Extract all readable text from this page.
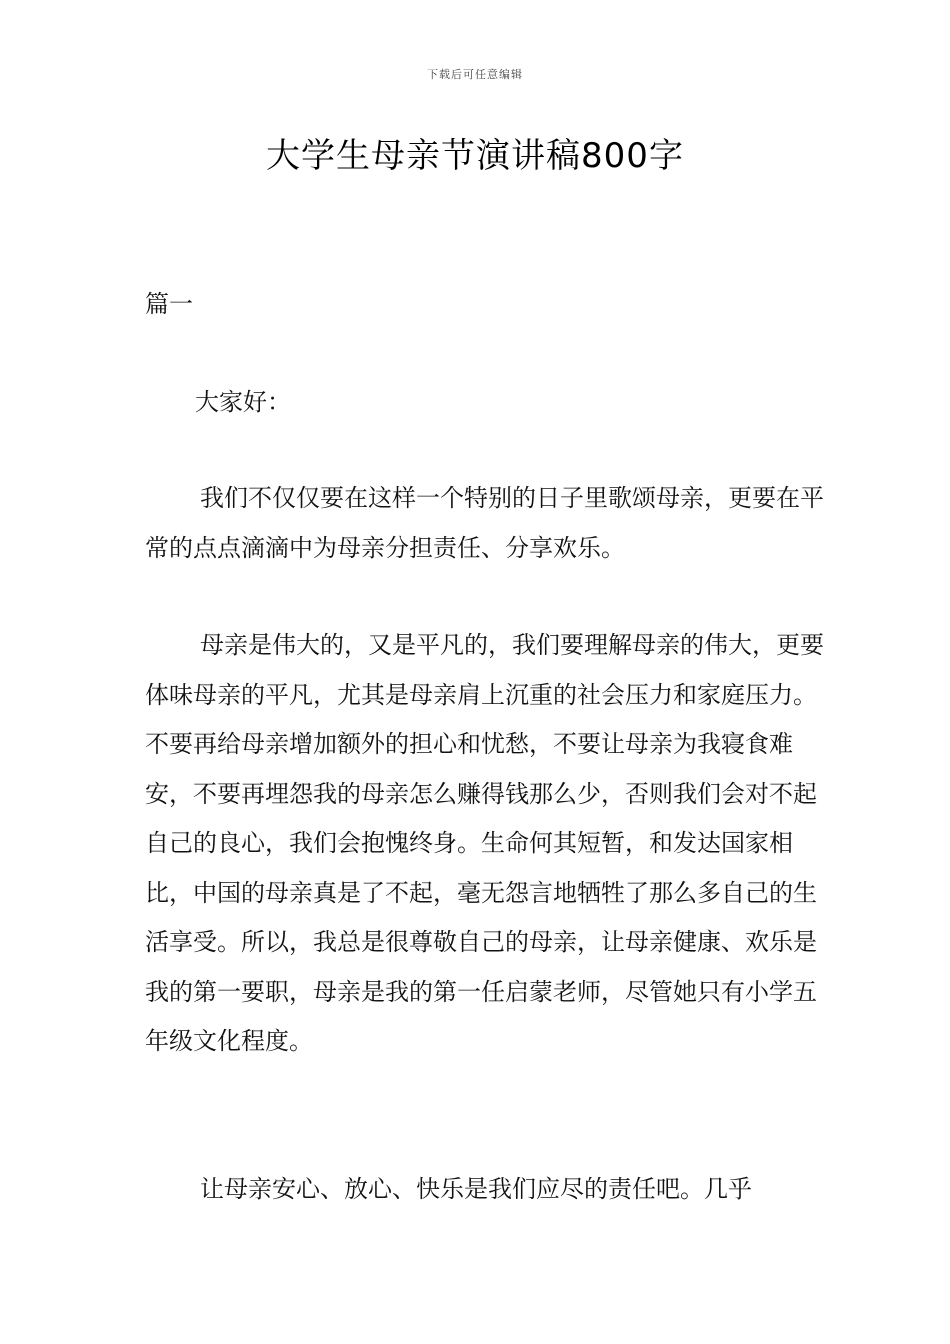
下载后可任意编辑
大学生母亲节演讲稿800字

篇一

大家好：

我们不仅仅要在这样一个特别的日子里歌颂母亲，更要在平常的点点滴滴中为母亲分担责任、分享欢乐。

母亲是伟大的，又是平凡的，我们要理解母亲的伟大，更要体味母亲的平凡，尤其是母亲肩上沉重的社会压力和家庭压力。不要再给母亲增加额外的担心和忧愁，不要让母亲为我寝食难安，不要再埋怨我的母亲怎么赚得钱那么少，否则我们会对不起自己的良心，我们会抱愧终身。生命何其短暂，和发达国家相比，中国的母亲真是了不起，毫无怨言地牺牲了那么多自己的生活享受。所以，我总是很尊敬自己的母亲，让母亲健康、欢乐是我的第一要职，母亲是我的第一任启蒙老师，尽管她只有小学五年级文化程度。

让母亲安心、放心、快乐是我们应尽的责任吧。几乎
